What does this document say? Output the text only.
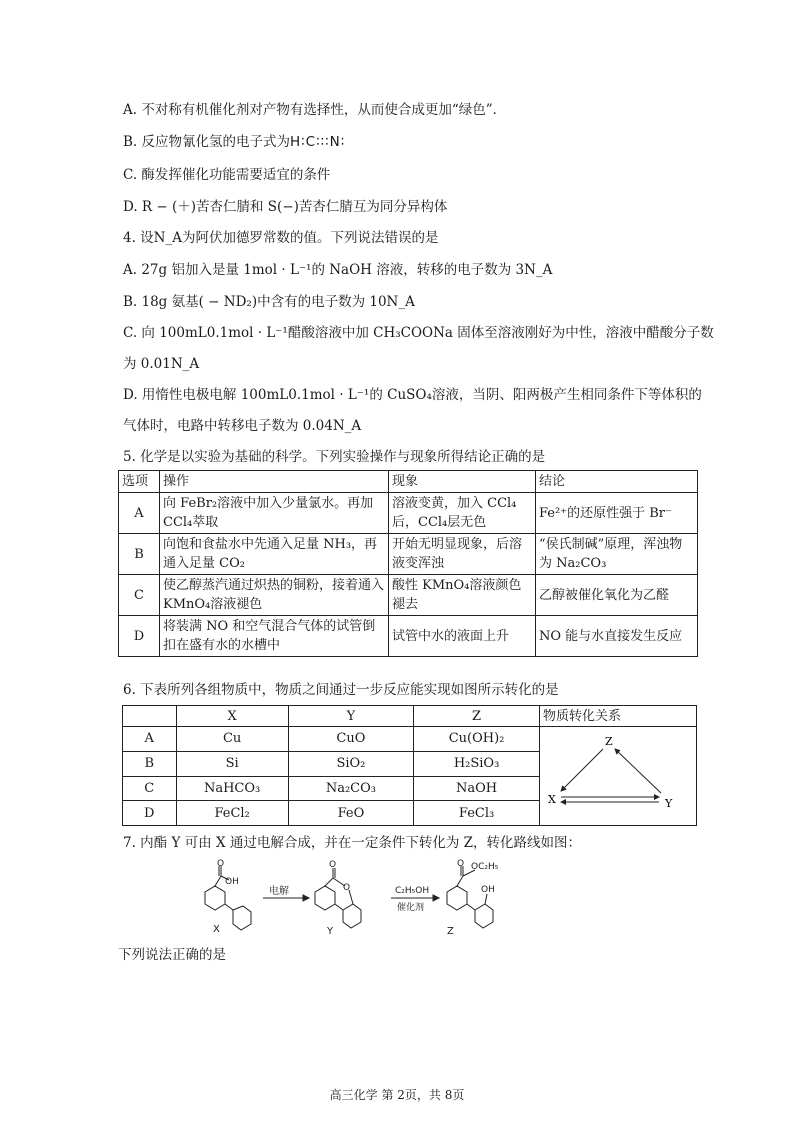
A. 不对称有机催化剂对产物有选择性，从而使合成更加“绿色”．
B. 反应物氰化氢的电子式为H∶C∶∶∶N∶
C. 酶发挥催化功能需要适宜的条件
D. R − (＋)苦杏仁腈和 S(−)苦杏仁腈互为同分异构体
4. 设N_A为阿伏加德罗常数的值。下列说法错误的是
A. 27g 铝加入是量 1mol · L⁻¹的 NaOH 溶液，转移的电子数为 3N_A
B. 18g 氨基( − ND₂)中含有的电子数为 10N_A
C. 向 100mL0.1mol · L⁻¹醋酸溶液中加 CH₃COONa 固体至溶液刚好为中性，溶液中醋酸分子数
为 0.01N_A
D. 用惰性电极电解 100mL0.1mol · L⁻¹的 CuSO₄溶液，当阴、阳两极产生相同条件下等体积的
气体时，电路中转移电子数为 0.04N_A
5. 化学是以实验为基础的科学。下列实验操作与现象所得结论正确的是
选项	操作	现象	结论
A	向 FeBr₂溶液中加入少量氯水。再加 CCl₄萃取	溶液变黄，加入 CCl₄后，CCl₄层无色	Fe²⁺的还原性强于 Br⁻
B	向饱和食盐水中先通入足量 NH₃，再通入足量 CO₂	开始无明显现象，后溶液变浑浊	“侯氏制碱”原理，浑浊物为 Na₂CO₃
C	使乙醇蒸汽通过炽热的铜粉，接着通入 KMnO₄溶液褪色	酸性 KMnO₄溶液颜色褪去	乙醇被催化氧化为乙醛
D	将装满 NO 和空气混合气体的试管倒扣在盛有水的水槽中	试管中水的液面上升	NO 能与水直接发生反应
6. 下表所列各组物质中，物质之间通过一步反应能实现如图所示转化的是
	X	Y	Z	物质转化关系
A	Cu	CuO	Cu(OH)₂	Z
X Y

B	Si	SiO₂	H₂SiO₃	
C	NaHCO₃	Na₂CO₃	NaOH	
D	FeCl₂	FeO	FeCl₃	
7. 内酯 Y 可由 X 通过电解合成，并在一定条件下转化为 Z，转化路线如图：
OH
O
X
电解
O
O
Y
C₂H₅OH
催化剂
O OC₂H₅
OH
Z
下列说法正确的是
高三化学 第 2页，共 8页
